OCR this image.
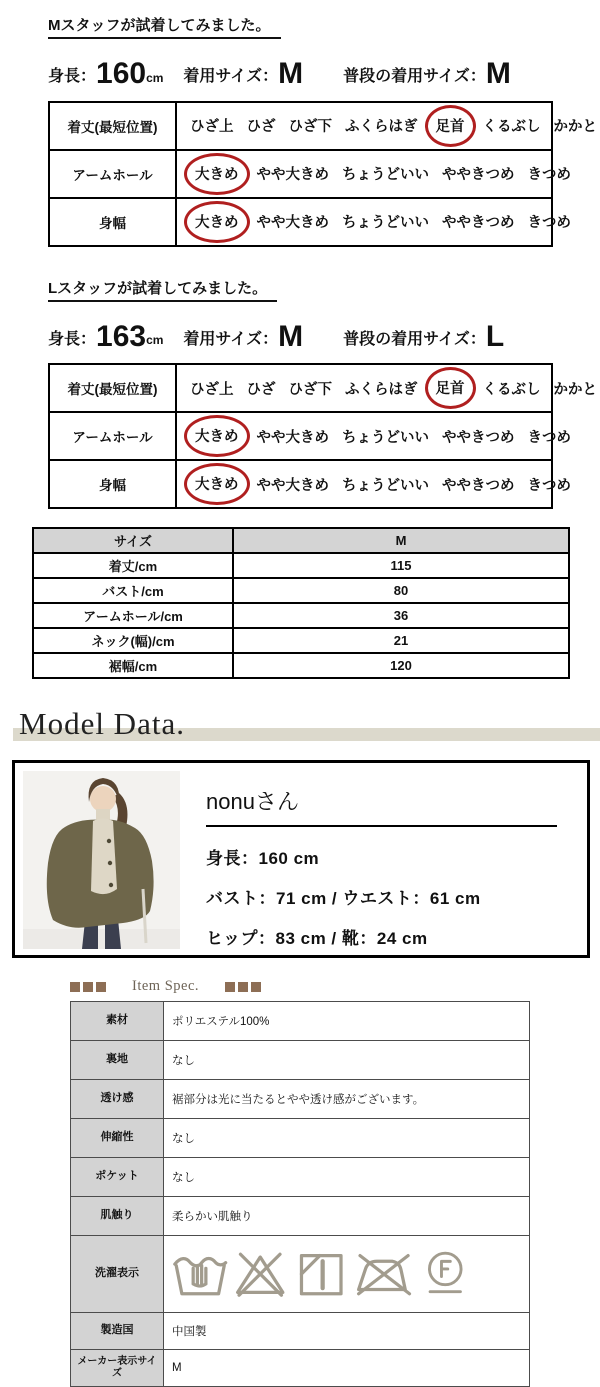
Mスタッフが試着してみました。
身長： 160 cm 着用サイズ： M	普段の着用サイズ： M
着丈(最短位置)	ひざ上 ひざ ひざ下 ふくらはぎ	足首	くるぶし かかと
アームホール	大きめ	やや大きめ ちょうどいい ややきつめ きつめ
身幅	大きめ	やや大きめ ちょうどいい ややきつめ きつめ
Lスタッフが試着してみました。
身長： 163 cm 着用サイズ： M	普段の着用サイズ： L
着丈(最短位置)	ひざ上 ひざ ひざ下 ふくらはぎ	足首	くるぶし かかと
アームホール	大きめ	やや大きめ ちょうどいい ややきつめ きつめ
身幅	大きめ	やや大きめ ちょうどいい ややきつめ きつめ
サイズ	M
着丈/cm	115
バスト/cm	80
アームホール/cm	36
ネック(幅)/cm	21
裾幅/cm	120
Model Data.
nonuさん
身長：160 cm
バスト：71 cm / ウエスト：61 cm
ヒップ：83 cm / 靴：24 cm
Item Spec.
素材	ポリエステル100%
裏地	なし
透け感	裾部分は光に当たるとやや透け感がございます。
伸縮性	なし
ポケット	なし
肌触り	柔らかい肌触り
洗濯表示
製造国	中国製
メーカー表示サイズ	M
